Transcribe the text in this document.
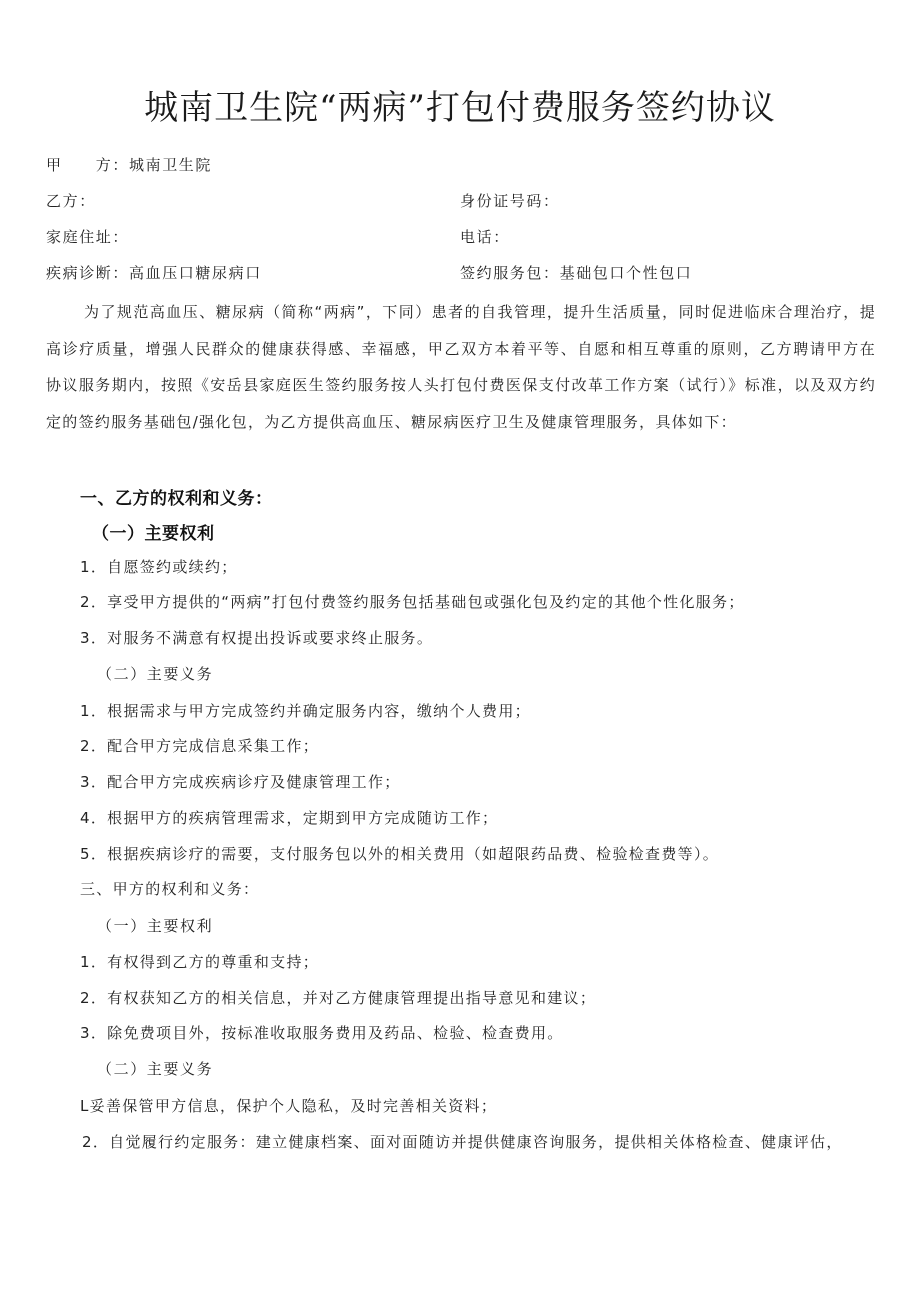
城南卫生院“两病”打包付费服务签约协议
甲　　方：城南卫生院
乙方：	身份证号码：
家庭住址：	电话：
疾病诊断：高血压口糖尿病口	签约服务包：基础包口个性包口

为了规范高血压、糖尿病（简称“两病”，下同）患者的自我管理，提升生活质量，同时促进临床合理治疗，提高诊疗质量，增强人民群众的健康获得感、幸福感，甲乙双方本着平等、自愿和相互尊重的原则，乙方聘请甲方在协议服务期内，按照《安岳县家庭医生签约服务按人头打包付费医保支付改革工作方案（试行）》标准，以及双方约定的签约服务基础包/强化包，为乙方提供高血压、糖尿病医疗卫生及健康管理服务，具体如下：

一、乙方的权利和义务：
（一）主要权利
1．自愿签约或续约；
2．享受甲方提供的“两病”打包付费签约服务包括基础包或强化包及约定的其他个性化服务；
3．对服务不满意有权提出投诉或要求终止服务。
（二）主要义务
1．根据需求与甲方完成签约并确定服务内容，缴纳个人费用；
2．配合甲方完成信息采集工作；
3．配合甲方完成疾病诊疗及健康管理工作；
4．根据甲方的疾病管理需求，定期到甲方完成随访工作；
5．根据疾病诊疗的需要，支付服务包以外的相关费用（如超限药品费、检验检查费等）。
三、甲方的权利和义务：
（一）主要权利
1．有权得到乙方的尊重和支持；
2．有权获知乙方的相关信息，并对乙方健康管理提出指导意见和建议；
3．除免费项目外，按标准收取服务费用及药品、检验、检查费用。
（二）主要义务
L妥善保管甲方信息，保护个人隐私，及时完善相关资料；
2．自觉履行约定服务：建立健康档案、面对面随访并提供健康咨询服务，提供相关体格检查、健康评估，
